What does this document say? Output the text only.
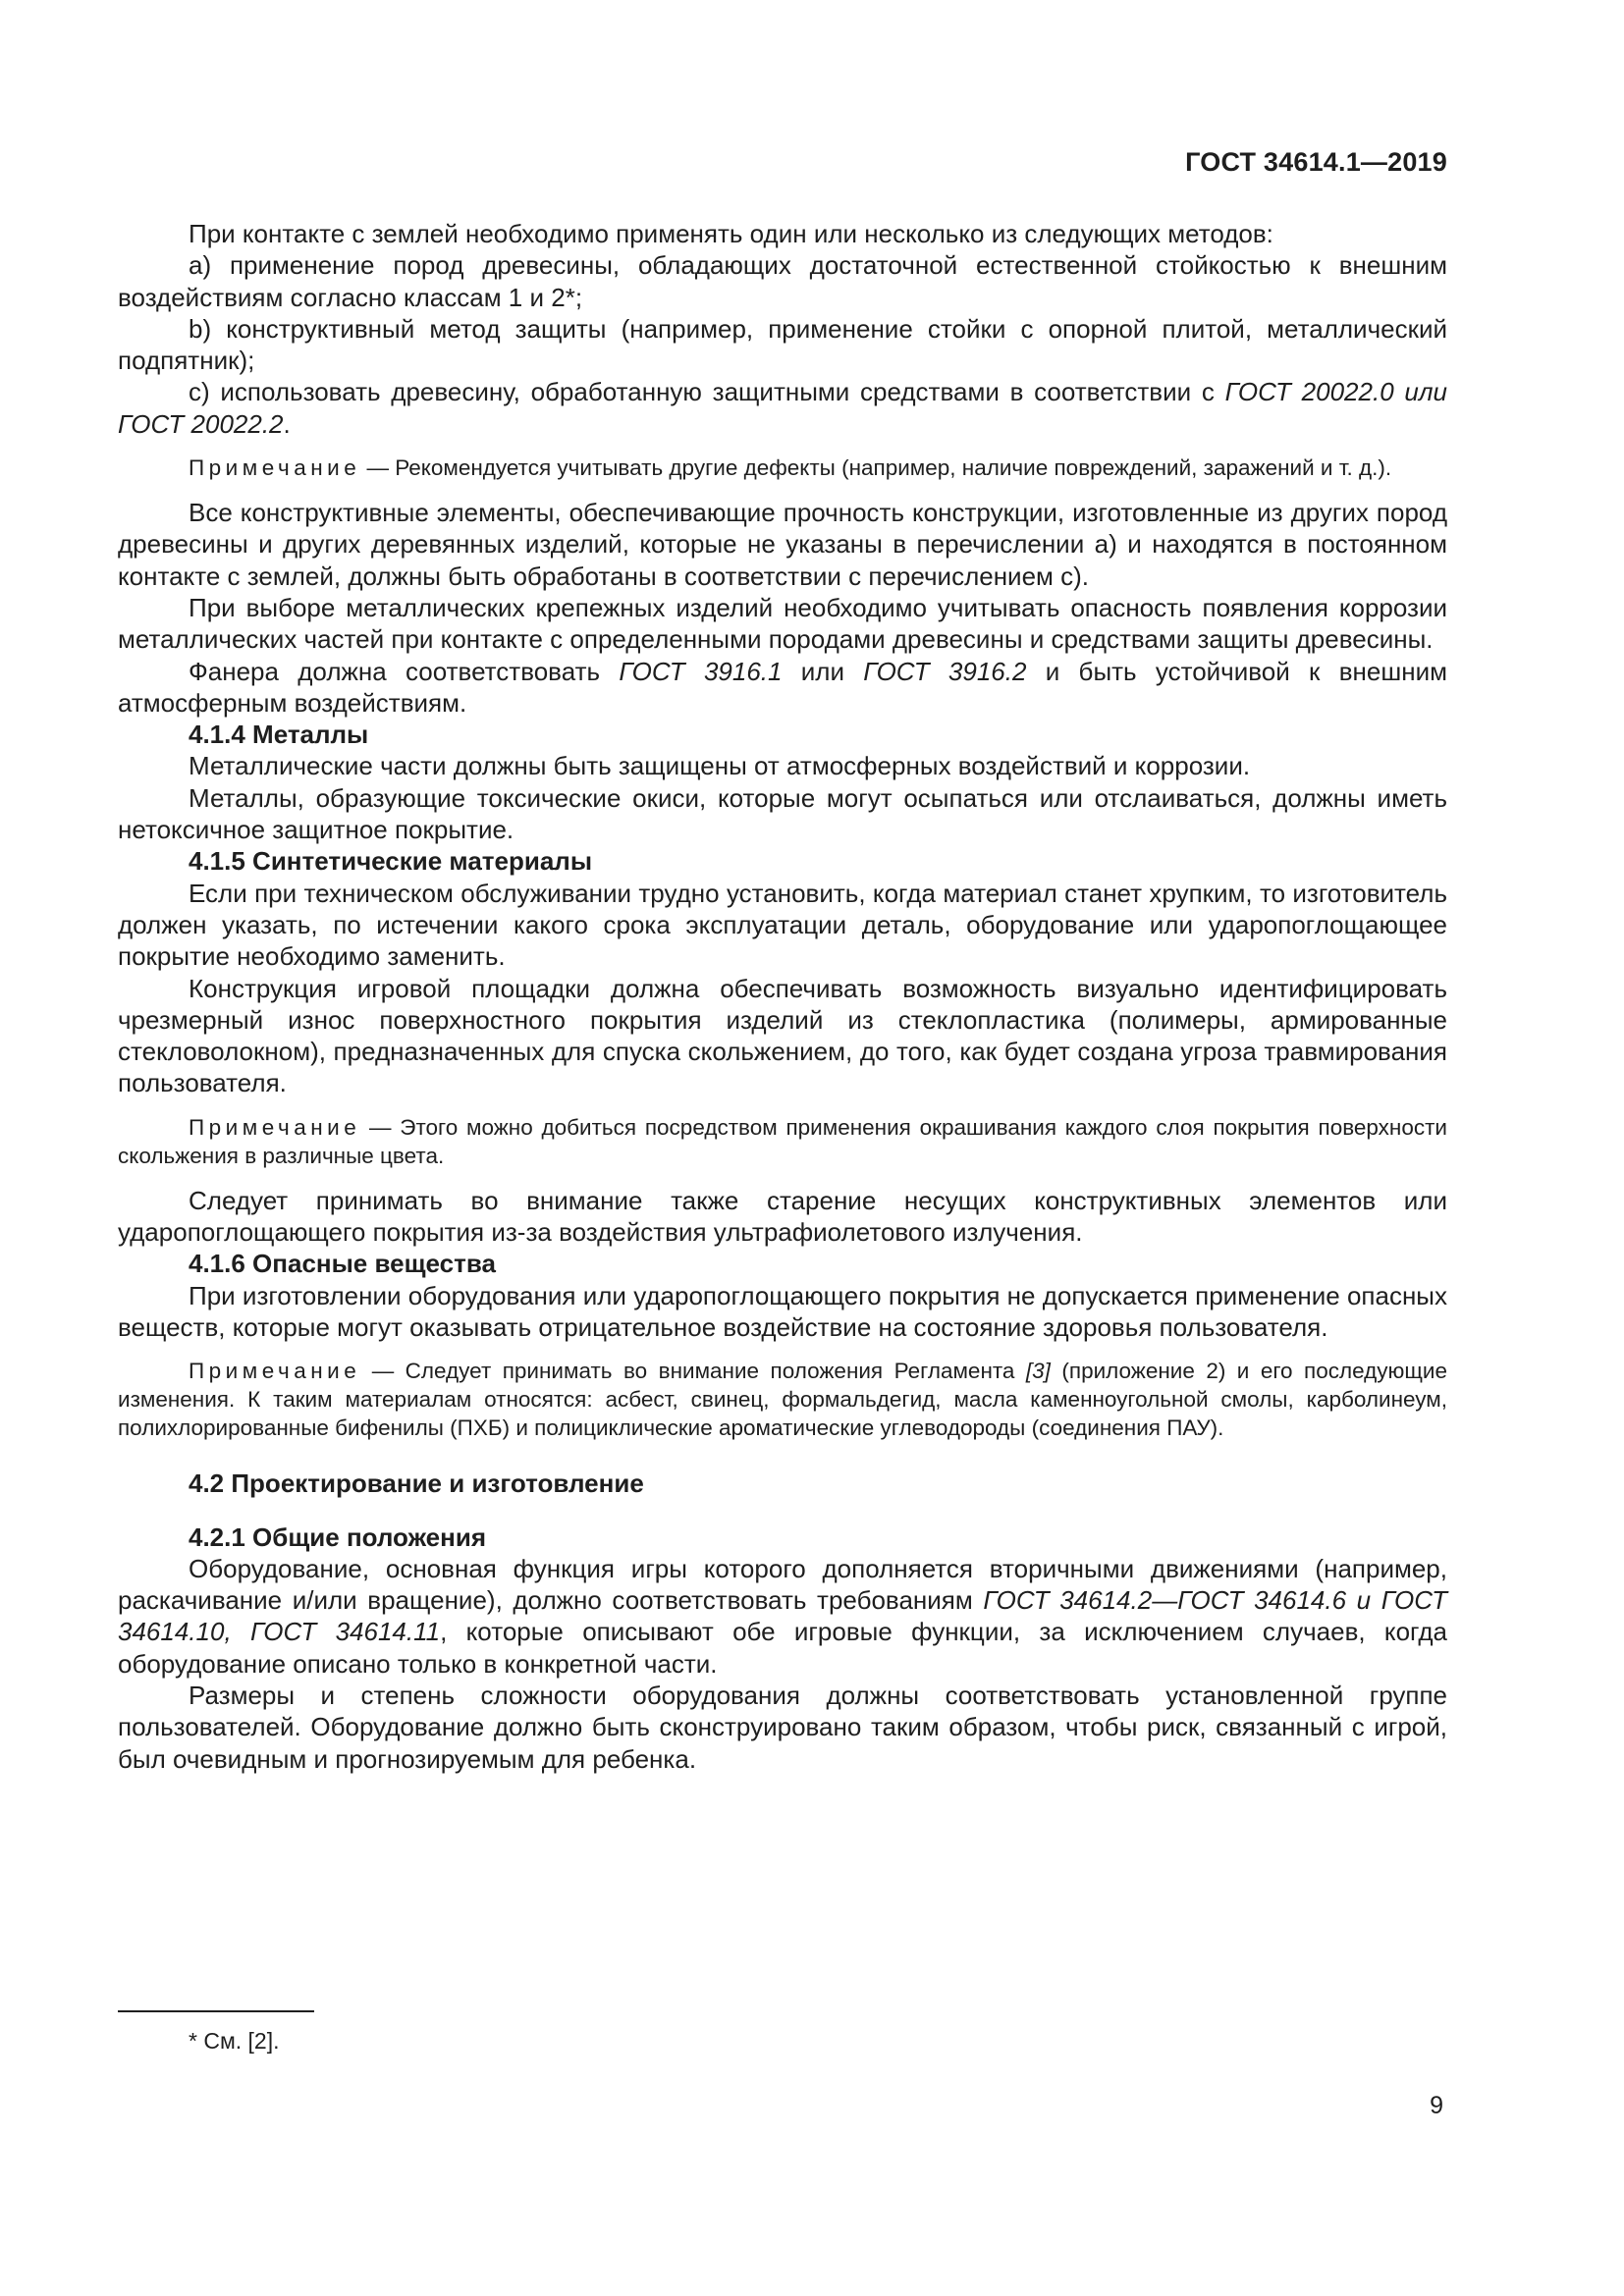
ГОСТ 34614.1—2019

При контакте с землей необходимо применять один или несколько из следующих методов:

а) применение пород древесины, обладающих достаточной естественной стойкостью к внешним воздействиям согласно классам 1 и 2*;

b) конструктивный метод защиты (например, применение стойки с опорной плитой, металлический подпятник);

c) использовать древесину, обработанную защитными средствами в соответствии с ГОСТ 20022.0 или ГОСТ 20022.2.

Примечание — Рекомендуется учитывать другие дефекты (например, наличие повреждений, заражений и т. д.).

Все конструктивные элементы, обеспечивающие прочность конструкции, изготовленные из других пород древесины и других деревянных изделий, которые не указаны в перечислении а) и находятся в постоянном контакте с землей, должны быть обработаны в соответствии с перечислением с).

При выборе металлических крепежных изделий необходимо учитывать опасность появления коррозии металлических частей при контакте с определенными породами древесины и средствами защиты древесины.

Фанера должна соответствовать ГОСТ 3916.1 или ГОСТ 3916.2 и быть устойчивой к внешним атмосферным воздействиям.

4.1.4 Металлы

Металлические части должны быть защищены от атмосферных воздействий и коррозии.

Металлы, образующие токсические окиси, которые могут осыпаться или отслаиваться, должны иметь нетоксичное защитное покрытие.

4.1.5 Синтетические материалы

Если при техническом обслуживании трудно установить, когда материал станет хрупким, то изготовитель должен указать, по истечении какого срока эксплуатации деталь, оборудование или ударопоглощающее покрытие необходимо заменить.

Конструкция игровой площадки должна обеспечивать возможность визуально идентифицировать чрезмерный износ поверхностного покрытия изделий из стеклопластика (полимеры, армированные стекловолокном), предназначенных для спуска скольжением, до того, как будет создана угроза травмирования пользователя.

Примечание — Этого можно добиться посредством применения окрашивания каждого слоя покрытия поверхности скольжения в различные цвета.

Следует принимать во внимание также старение несущих конструктивных элементов или ударопоглощающего покрытия из-за воздействия ультрафиолетового излучения.

4.1.6 Опасные вещества

При изготовлении оборудования или ударопоглощающего покрытия не допускается применение опасных веществ, которые могут оказывать отрицательное воздействие на состояние здоровья пользователя.

Примечание — Следует принимать во внимание положения Регламента [3] (приложение 2) и его последующие изменения. К таким материалам относятся: асбест, свинец, формальдегид, масла каменноугольной смолы, карболинеум, полихлорированные бифенилы (ПХБ) и полициклические ароматические углеводороды (соединения ПАУ).

4.2 Проектирование и изготовление

4.2.1 Общие положения

Оборудование, основная функция игры которого дополняется вторичными движениями (например, раскачивание и/или вращение), должно соответствовать требованиям ГОСТ 34614.2—ГОСТ 34614.6 и ГОСТ 34614.10, ГОСТ 34614.11, которые описывают обе игровые функции, за исключением случаев, когда оборудование описано только в конкретной части.

Размеры и степень сложности оборудования должны соответствовать установленной группе пользователей. Оборудование должно быть сконструировано таким образом, чтобы риск, связанный с игрой, был очевидным и прогнозируемым для ребенка.

* См. [2].
9
